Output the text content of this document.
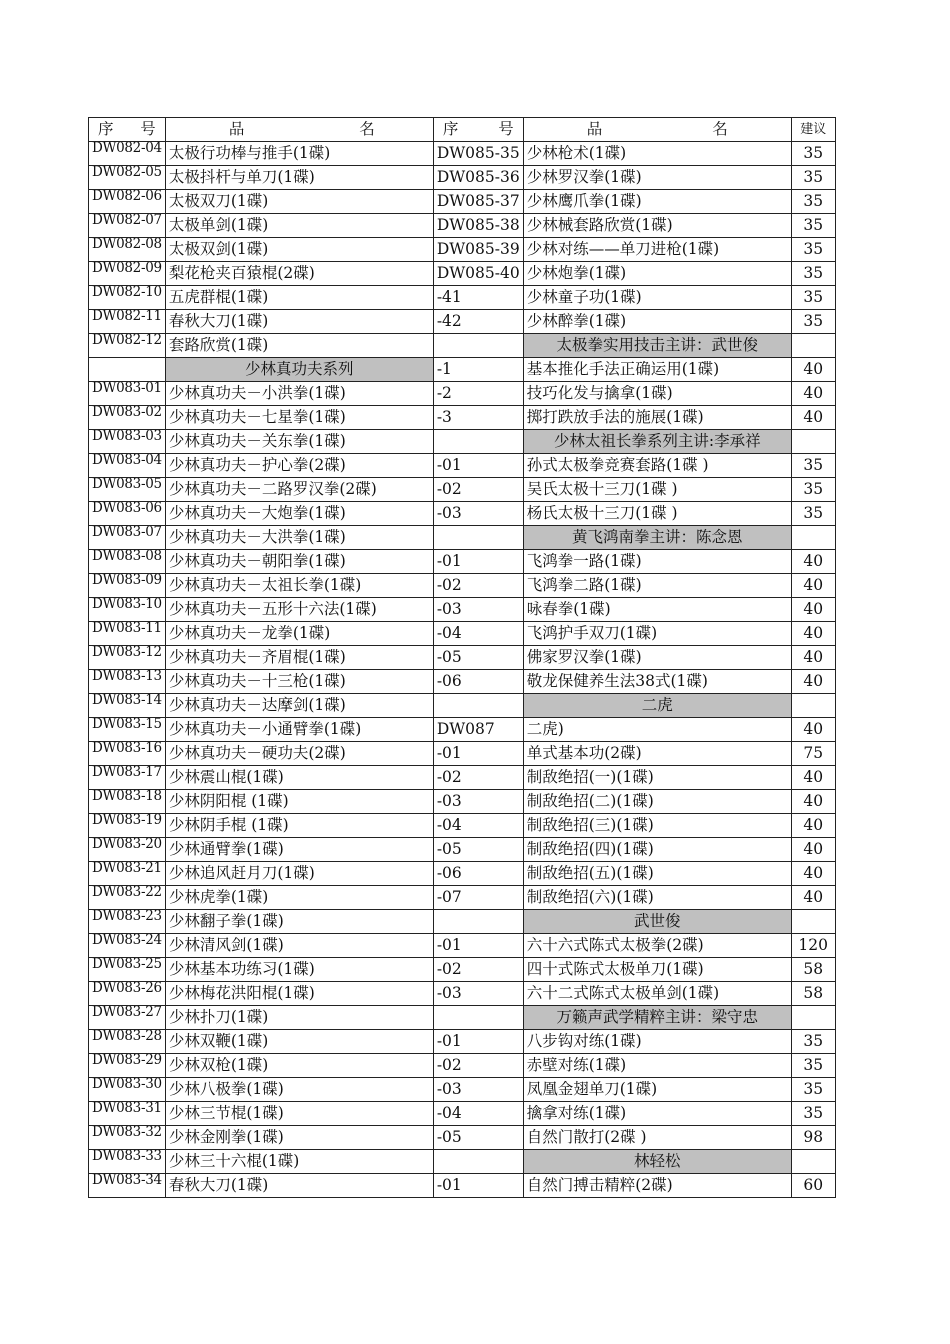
序 号	品 名	序 号	品 名	建议

DW082-04	太极行功棒与推手(1碟)	DW085-35	少林枪术(1碟)	35
DW082-05	太极抖杆与单刀(1碟)	DW085-36	少林罗汉拳(1碟)	35
DW082-06	太极双刀(1碟)	DW085-37	少林鹰爪拳(1碟)	35
DW082-07	太极单剑(1碟)	DW085-38	少林械套路欣赏(1碟)	35
DW082-08	太极双剑(1碟)	DW085-39	少林对练——单刀进枪(1碟)	35
DW082-09	梨花枪夹百猿棍(2碟)	DW085-40	少林炮拳(1碟)	35
DW082-10	五虎群棍(1碟)	-41	少林童子功(1碟)	35
DW082-11	春秋大刀(1碟)	-42	少林醉拳(1碟)	35
DW082-12	套路欣赏(1碟)		太极拳实用技击主讲：武世俊	
	少林真功夫系列	-1	基本推化手法正确运用(1碟)	40
DW083-01	少林真功夫－小洪拳(1碟)	-2	技巧化发与擒拿(1碟)	40
DW083-02	少林真功夫－七星拳(1碟)	-3	掷打跌放手法的施展(1碟)	40
DW083-03	少林真功夫－关东拳(1碟)		少林太祖长拳系列主讲:李承祥	
DW083-04	少林真功夫－护心拳(2碟)	-01	孙式太极拳竞赛套路(1碟 )	35
DW083-05	少林真功夫－二路罗汉拳(2碟)	-02	吴氏太极十三刀(1碟 )	35
DW083-06	少林真功夫－大炮拳(1碟)	-03	杨氏太极十三刀(1碟 )	35
DW083-07	少林真功夫－大洪拳(1碟)		黄飞鸿南拳主讲：陈念恩	
DW083-08	少林真功夫－朝阳拳(1碟)	-01	飞鸿拳一路(1碟)	40
DW083-09	少林真功夫－太祖长拳(1碟)	-02	飞鸿拳二路(1碟)	40
DW083-10	少林真功夫－五形十六法(1碟)	-03	咏春拳(1碟)	40
DW083-11	少林真功夫－龙拳(1碟)	-04	飞鸿护手双刀(1碟)	40
DW083-12	少林真功夫－齐眉棍(1碟)	-05	佛家罗汉拳(1碟)	40
DW083-13	少林真功夫－十三枪(1碟)	-06	敬龙保健养生法38式(1碟)	40
DW083-14	少林真功夫－达摩剑(1碟)		二虎	
DW083-15	少林真功夫－小通臂拳(1碟)	DW087	二虎)	40
DW083-16	少林真功夫－硬功夫(2碟)	-01	单式基本功(2碟)	75
DW083-17	少林震山棍(1碟)	-02	制敌绝招(一)(1碟)	40
DW083-18	少林阴阳棍 (1碟)	-03	制敌绝招(二)(1碟)	40
DW083-19	少林阴手棍 (1碟)	-04	制敌绝招(三)(1碟)	40
DW083-20	少林通臂拳(1碟)	-05	制敌绝招(四)(1碟)	40
DW083-21	少林追风赶月刀(1碟)	-06	制敌绝招(五)(1碟)	40
DW083-22	少林虎拳(1碟)	-07	制敌绝招(六)(1碟)	40
DW083-23	少林翻子拳(1碟)		武世俊	
DW083-24	少林清风剑(1碟)	-01	六十六式陈式太极拳(2碟)	120
DW083-25	少林基本功练习(1碟)	-02	四十式陈式太极单刀(1碟)	58
DW083-26	少林梅花洪阳棍(1碟)	-03	六十二式陈式太极单剑(1碟)	58
DW083-27	少林扑刀(1碟)		万籁声武学精粹主讲：梁守忠	
DW083-28	少林双鞭(1碟)	-01	八步钩对练(1碟)	35
DW083-29	少林双枪(1碟)	-02	赤壁对练(1碟)	35
DW083-30	少林八极拳(1碟)	-03	凤凰金翅单刀(1碟)	35
DW083-31	少林三节棍(1碟)	-04	擒拿对练(1碟)	35
DW083-32	少林金刚拳(1碟)	-05	自然门散打(2碟 )	98
DW083-33	少林三十六棍(1碟)		林轻松	
DW083-34	春秋大刀(1碟)	-01	自然门搏击精粹(2碟)	60
